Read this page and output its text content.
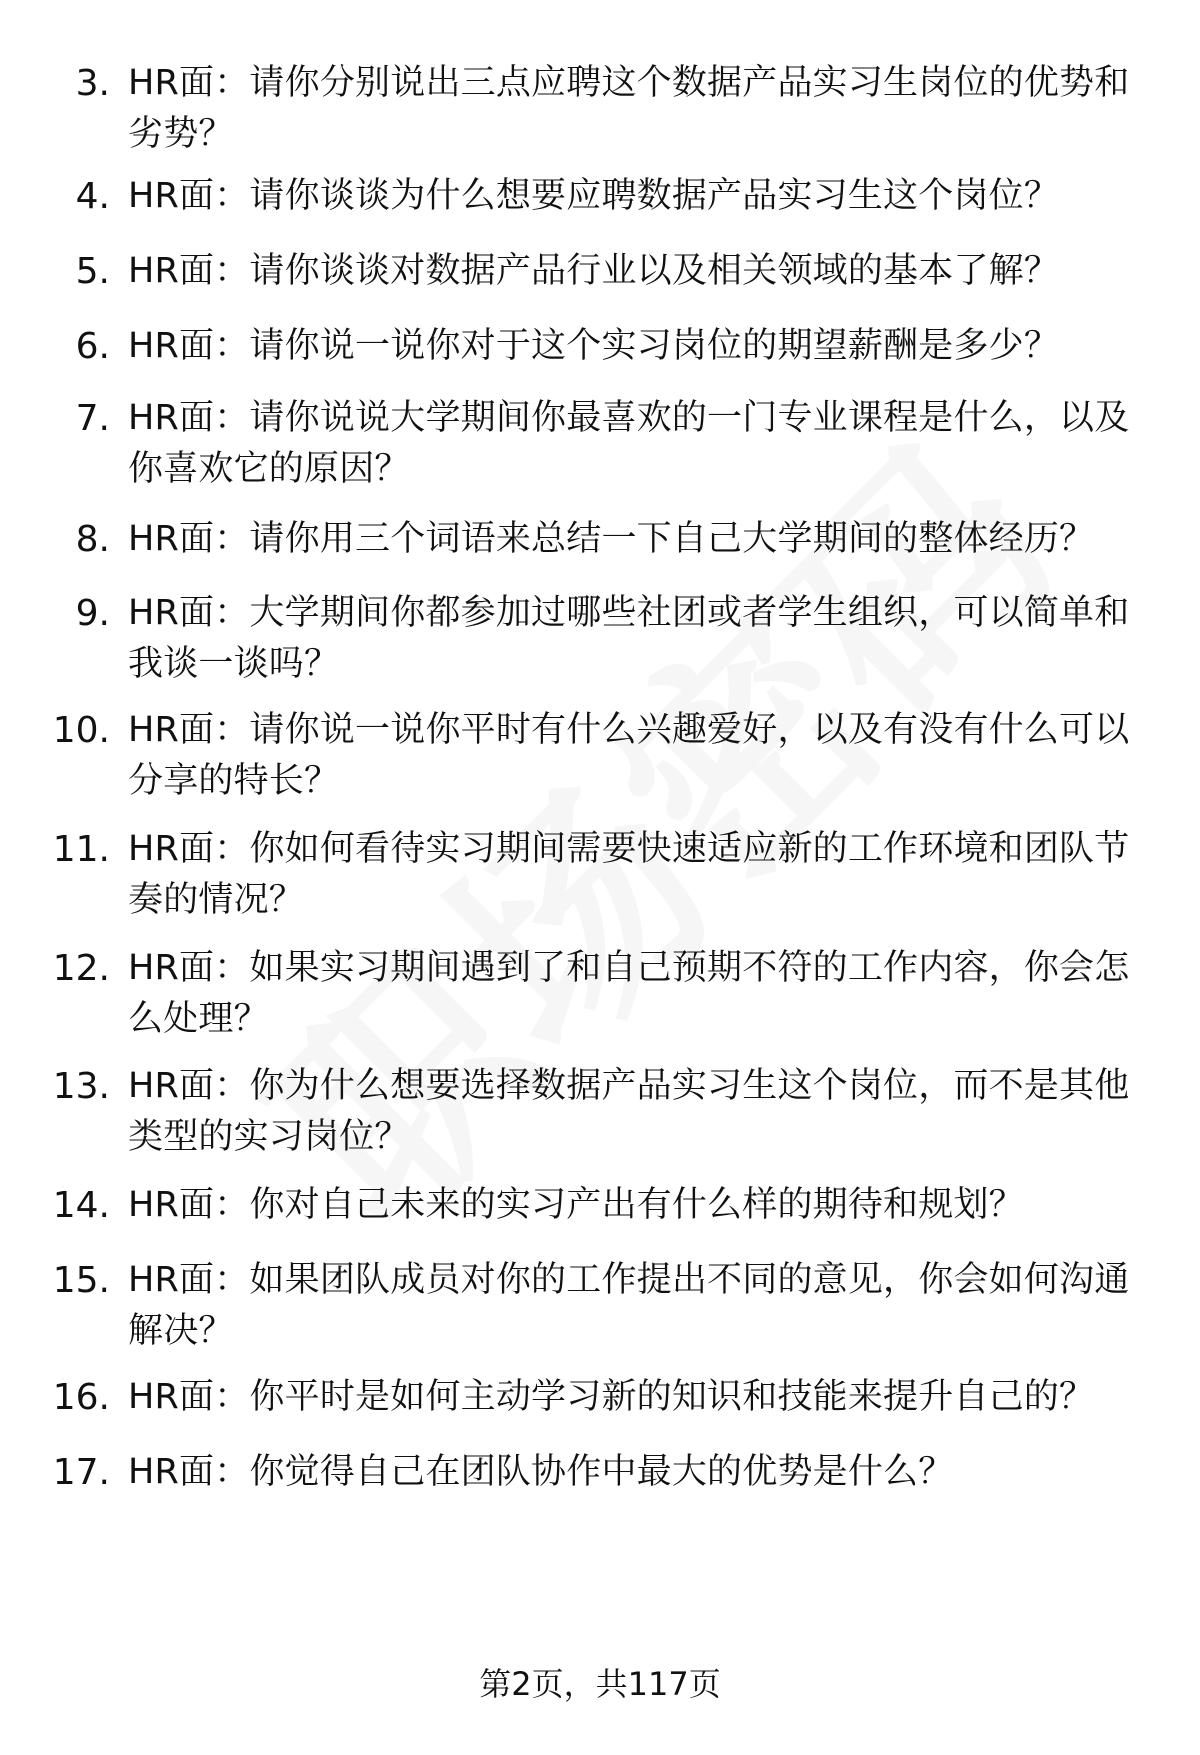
3. HR面：请你分别说出三点应聘这个数据产品实习生岗位的优势和劣势？
4. HR面：请你谈谈为什么想要应聘数据产品实习生这个岗位？
5. HR面：请你谈谈对数据产品行业以及相关领域的基本了解？
6. HR面：请你说一说你对于这个实习岗位的期望薪酬是多少？
7. HR面：请你说说大学期间你最喜欢的一门专业课程是什么，以及你喜欢它的原因？
8. HR面：请你用三个词语来总结一下自己大学期间的整体经历？
9. HR面：大学期间你都参加过哪些社团或者学生组织，可以简单和我谈一谈吗？
10. HR面：请你说一说你平时有什么兴趣爱好，以及有没有什么可以分享的特长？
11. HR面：你如何看待实习期间需要快速适应新的工作环境和团队节奏的情况？
12. HR面：如果实习期间遇到了和自己预期不符的工作内容，你会怎么处理？
13. HR面：你为什么想要选择数据产品实习生这个岗位，而不是其他类型的实习岗位？
14. HR面：你对自己未来的实习产出有什么样的期待和规划？
15. HR面：如果团队成员对你的工作提出不同的意见，你会如何沟通解决？
16. HR面：你平时是如何主动学习新的知识和技能来提升自己的？
17. HR面：你觉得自己在团队协作中最大的优势是什么？
第2页，共117页
